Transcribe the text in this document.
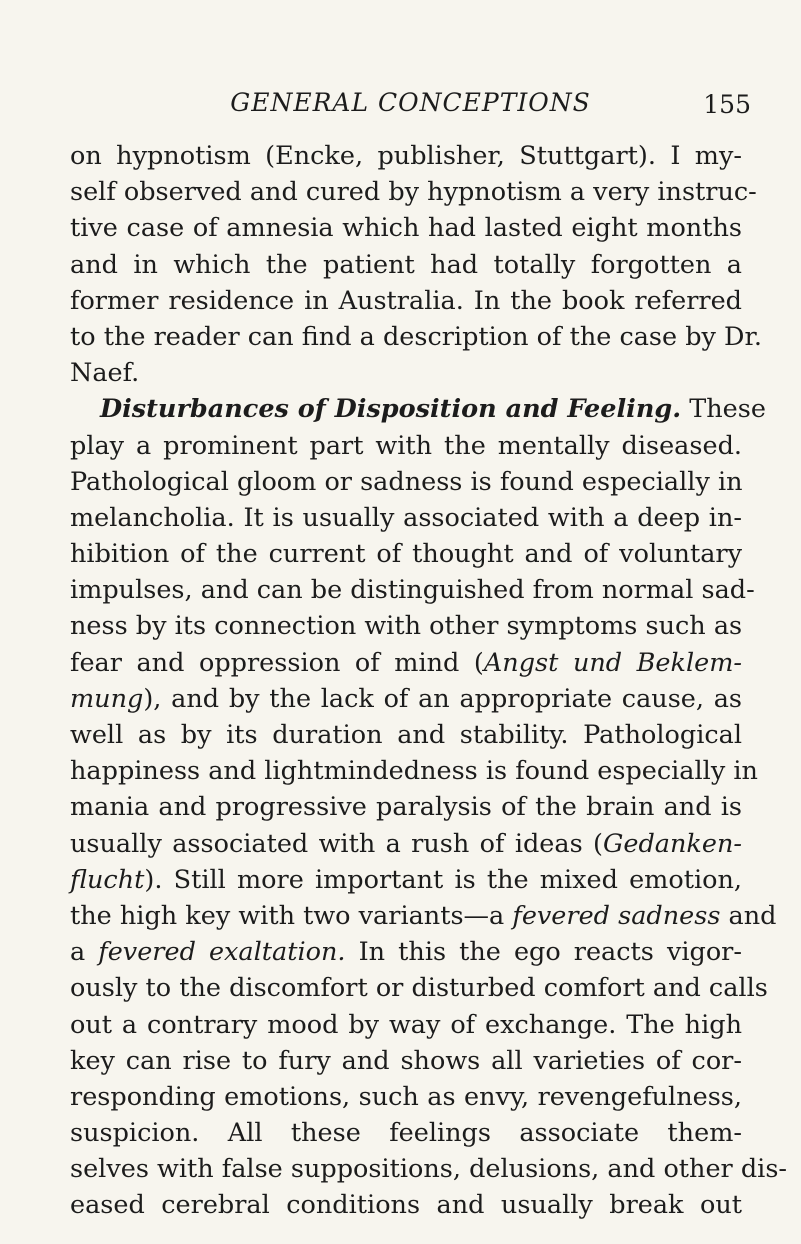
GENERAL CONCEPTIONS	155
on hypnotism (Encke, publisher, Stuttgart). I my-
self observed and cured by hypnotism a very instruc-
tive case of amnesia which had lasted eight months
and in which the patient had totally forgotten a
former residence in Australia. In the book referred
to the reader can find a description of the case by Dr.
Naef.
Disturbances of Disposition and Feeling. These
play a prominent part with the mentally diseased.
Pathological gloom or sadness is found especially in
melancholia. It is usually associated with a deep in-
hibition of the current of thought and of voluntary
impulses, and can be distinguished from normal sad-
ness by its connection with other symptoms such as
fear and oppression of mind (Angst und Beklem-
mung), and by the lack of an appropriate cause, as
well as by its duration and stability. Pathological
happiness and lightmindedness is found especially in
mania and progressive paralysis of the brain and is
usually associated with a rush of ideas (Gedanken-
flucht). Still more important is the mixed emotion,
the high key with two variants—a fevered sadness and
a fevered exaltation. In this the ego reacts vigor-
ously to the discomfort or disturbed comfort and calls
out a contrary mood by way of exchange. The high
key can rise to fury and shows all varieties of cor-
responding emotions, such as envy, revengefulness,
suspicion. All these feelings associate them-
selves with false suppositions, delusions, and other dis-
eased cerebral conditions and usually break out
